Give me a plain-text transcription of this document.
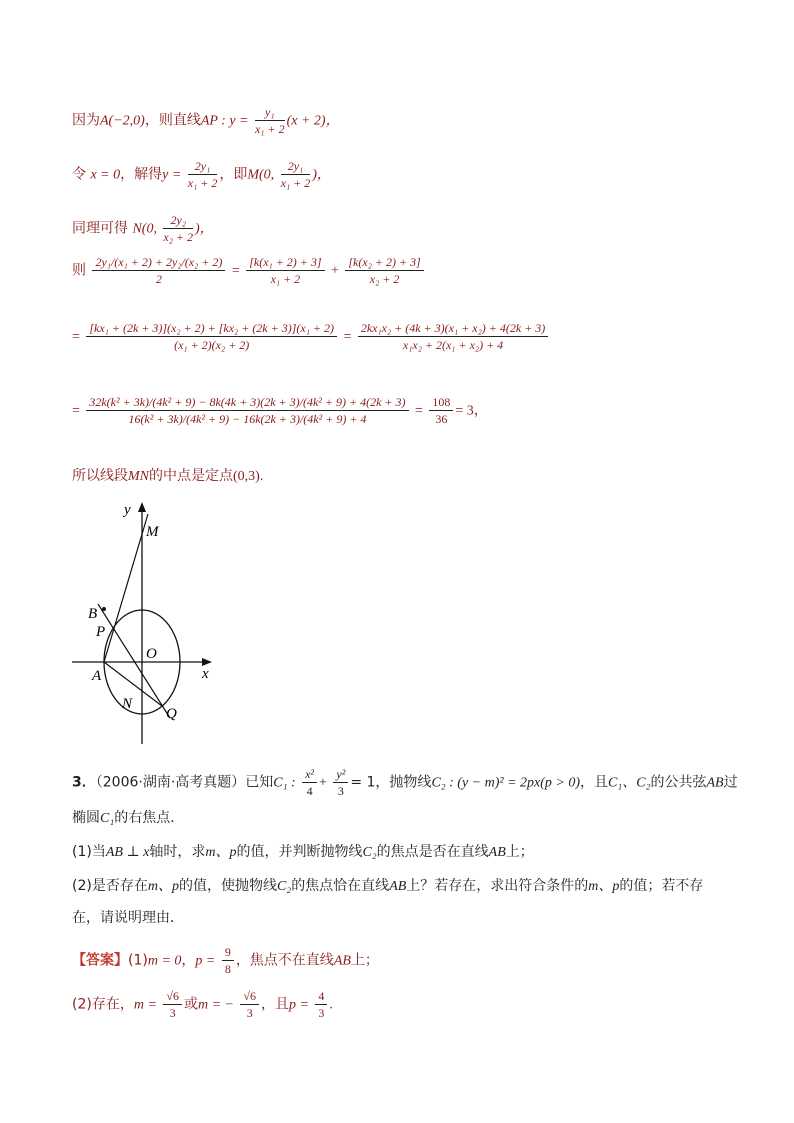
因为A(−2,0)，则直线AP : $y = \frac{\text{y₁}}{\text{x₁ + 2}} (x + 2)$，
令 x = 0，解得$y = \frac{\text{2y₁}}{\text{x₁ + 2}}$ ，即M(0, $\frac{\text{2y₁}}{\text{x₁ + 2}}$ )，
同理可得 N(0, $\frac{\text{2y₂}}{\text{x₂ + 2}}$ )，
则 $\frac{\text{2y₁/(x₁ + 2) + 2y₂/(x₂ + 2)}}{2} = \frac{\text{[k(x₁ + 2) + 3]}}{\text{x₁ + 2}} + \frac{\text{[k(x₂ + 2) + 3]}}{\text{x₂ + 2}}$
= $\frac{\text{[kx₁ + (2k + 3)](x₂ + 2) + [kx₂ + (2k + 3)](x₁ + 2)}}{\text{(x₁ + 2)(x₂ + 2)}} = \frac{\text{2kx₁x₂ + (4k + 3)(x₁ + x₂) + 4(2k + 3)}}{\text{x₁x₂ + 2(x₁ + x₂) + 4}}$
=
32k(k² + 3k)/(4k² + 9) − 8k(4k + 3)(2k + 3)/(4k² + 9) + 4(2k + 3)
16(k² + 3k)/(4k² + 9) − 16k(2k + 3)/(4k² + 9) + 4
= $\frac{108}{36} = 3$，
所以线段MN的中点是定点(0,3).
y
M
B
P
O
A	x
N
Q
3．（2006·湖南·高考真题）已知C₁ : $\frac{\text{x²}}{4} + \frac{\text{y²}}{3} = 1$，抛物线C₂ : (y − m)² = 2px(p > 0)，且C₁、C₂的公共弦AB过
椭圆C₁的右焦点．
(1)当AB ⊥ x轴时，求m、p的值，并判断抛物线C₂的焦点是否在直线AB上；
(2)是否存在m、p的值，使抛物线C₂的焦点恰在直线AB上？若存在，求出符合条件的m、p的值；若不存
在，请说明理由．
【答案】(1)m = 0，$p = \frac{9}{8}$ ，焦点不在直线AB上；
(2)存在，$m = \frac{√6}{3}$ 或m = − $\frac{√6}{3}$ ，且$p = \frac{4}{3}$ .
